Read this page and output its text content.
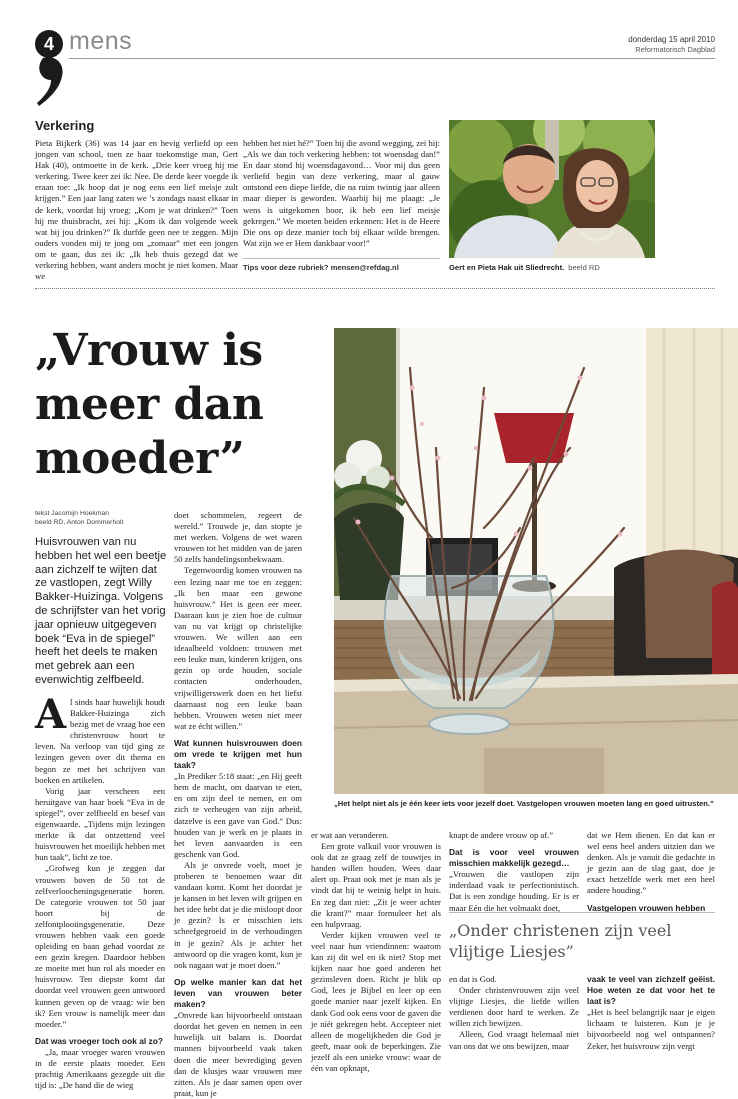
4 mens	donderdag 15 april 2010
Reformatorisch Dagblad
Verkering

Pieta Bijkerk (36) was 14 jaar en hevig verliefd op een jongen van school, toen ze haar toekomstige man, Gert Hak (40), ontmoette in de kerk. „Drie keer vroeg hij me verkering. Twee keer zei ik: Nee. De derde keer voegde ik eraan toe: „Ik hoop dat je nog eens een lief meisje zult krijgen.” Een jaar lang zaten we ’s zondags naast elkaar in de kerk, voordat hij vroeg: „Kom je wat drinken?” Toen hij me thuisbracht, zei hij: „Kom ik dan volgende week wat bij jou drinken?” Ik durfde geen nee te zeggen. Mijn ouders vonden mij te jong om „zomaar” met een jongen om te gaan, dus zei ik: „Ik heb thuis gezegd dat we verkering hebben, want anders mocht je niet komen. Maar we

hebben het niet hé?” Toen hij die avond wegging, zei hij: „Als we dan toch verkering hebben: tot woensdag dan!” En daar stond hij woensdagavond… Voor mij dus geen verliefd begin van deze verkering, maar al gauw ontstond een diepe liefde, die na ruim twintig jaar alleen maar dieper is geworden. Waarbij hij me plaagt: „Je wens is uitgekomen hoor, ik heb een lief meisje gekregen.” We moeten beiden erkennen: Het is de Heere Die ons op deze manier toch bij elkaar wilde brengen. Wat zijn we er Hem dankbaar voor!”

Tips voor deze rubriek? mensen@refdag.nl	Gert en Pieta Hak uit Sliedrecht. beeld RD
„Vrouw is meer dan moeder”
tekst Jacomijn Hoekman
beeld RD, Anton Dommerholt
Huisvrouwen van nu hebben het wel een beetje aan zichzelf te wijten dat ze vastlopen, zegt Willy Bakker-Huizinga. Volgens de schrijfster van het vorig jaar opnieuw uitgegeven boek “Eva in de spiegel” heeft het deels te maken met gebrek aan een evenwichtig zelfbeeld.
„Het helpt niet als je één keer iets voor jezelf doet. Vastgelopen vrouwen moeten lang en goed uitrusten.”
A l sinds haar huwelijk houdt Bakker-Huizinga zich bezig met de vraag hoe een christenvrouw hoort te leven. Na verloop van tijd ging ze lezingen geven over dit thema en begon ze met het schrijven van boeken en artikelen.

Vorig jaar verscheen een heruitgave van haar boek “Eva in de spiegel”, over zelfbeeld en besef van eigenwaarde. „Tijdens mijn lezingen merkte ik dat ontzettend veel huisvrouwen het moeilijk hebben met hun taak”, licht ze toe.

„Grofweg kun je zeggen dat vrouwen boven de 50 tot de zelfverloocheningsgeneratie horen. De categorie vrouwen tot 50 jaar hoort bij de zelfontplooiingsgeneratie. Deze vrouwen hebben vaak een goede opleiding en baan gehad voordat ze een gezin kregen. Daardoor hebben ze moeite met hun rol als moeder en huisvrouw. Ten diepste komt dat doordat veel vrouwen geen antwoord kunnen geven op de vraag: wie ben ik? Een vrouw is namelijk meer dan moeder.”

Dat was vroeger toch ook al zo?

„Ja, maar vroeger waren vrouwen in de eerste plaats moeder. Een prachtig Amerikaans gezegde uit die tijd is: „De hand die de wieg

doet schommelen, regeert de wereld.” Trouwde je, dan stopte je met werken. Volgens de wet waren vrouwen tot het midden van de jaren 50 zelfs handelingsonbekwaam.

Tegenwoordig komen vrouwen na een lezing naar me toe en zeggen: „Ik ben maar een gewone huisvrouw.” Het is geen eer meer. Daaraan kun je zien hoe de cultuur van nu vat krijgt op christelijke vrouwen. We willen aan een ideaalbeeld voldoen: trouwen met een leuke man, kinderen krijgen, ons gezin op orde houden, sociale contacten onderhouden, vrijwilligerswerk doen en het liefst daarnaast nog een leuke baan hebben. Vrouwen weten niet meer wat ze écht willen.”

Wat kunnen huisvrouwen doen om vrede te krijgen met hun taak?

„In Prediker 5:18 staat: „en Hij geeft hem de macht, om daarvan te eten, en om zijn deel te nemen, en om zich te verheugen van zijn arbeid, datzelve is een gave van God.” Dus: houden van je werk en je plaats in het leven aanvaarden is een geschenk van God.

Als je onvrede voelt, moet je proberen te benoemen waar dit vandaan komt. Komt het doordat je je kansen in het leven wilt grijpen en het idee hebt dat je die misloopt door je gezin? Is er misschien iets scheefgegroeid in de verhoudingen in je gezin? Als je achter het antwoord op die vragen komt, kun je ook nagaan wat je moet doen.”

Op welke manier kan dat het leven van vrouwen beter maken?

„Onvrede kan bijvoorbeeld ontstaan doordat het geven en nemen in een huwelijk uit balans is. Doordat mannen bijvoorbeeld vaak taken doen die meer bevrediging geven dan de klusjes waar vrouwen mee zitten. Als je daar samen open over praat, kun je

er wat aan veranderen.

Een grote valkuil voor vrouwen is ook dat ze graag zelf de touwtjes in handen willen houden. Wees daar alert op. Praat ook met je man als je vindt dat hij te weinig helpt in huis. En zeg dan niet: „Zit je weer achter die krant?” maar formuleer het als een hulpvraag.

Verder kijken vrouwen veel te veel naar hun vriendinnen: waarom kan zij dit wel en ik niet? Stop met kijken naar hoe goed anderen het gezinsleven doen. Richt je blik op God, lees je Bijbel en leer op een goede manier naar jezelf kijken. En dank God ook eens voor de gaven die je níét gekregen hebt. Accepteer niet alleen de mogelijkheden die God je geeft, maar ook de beperkingen. Zie jezelf als een unieke vrouw: waar de één van opknapt,

knapt de andere vrouw op af.”

Dat is voor veel vrouwen misschien makkelijk gezegd…

„Vrouwen die vastlopen zijn inderdaad vaak te perfectionistisch. Dat is een zondige houding. Er is er maar Eén die het volmaakt doet,

dat we Hem dienen. En dat kan er wel eens heel anders uitzien dan we denken. Als je vanuit die gedachte in je gezin aan de slag gaat, doe je exact hetzelfde werk met een heel andere houding.”

Vastgelopen vrouwen hebben

„Onder christenen zijn veel vlijtige Liesjes”

en dat is God.

Onder christenvrouwen zijn veel vlijtige Liesjes, die liefde willen verdienen door hard te werken. Ze willen zich bewijzen.

Alleen, God vraagt helemaal niet van ons dat we ons bewijzen, maar

vaak te veel van zichzelf geëist. Hoe weten ze dat voor het te laat is?

„Het is heel belangrijk naar je eigen lichaam te luisteren. Kun je je bijvoorbeeld nog wel ontspannen? Zeker, het huisvrouw zijn vergt
